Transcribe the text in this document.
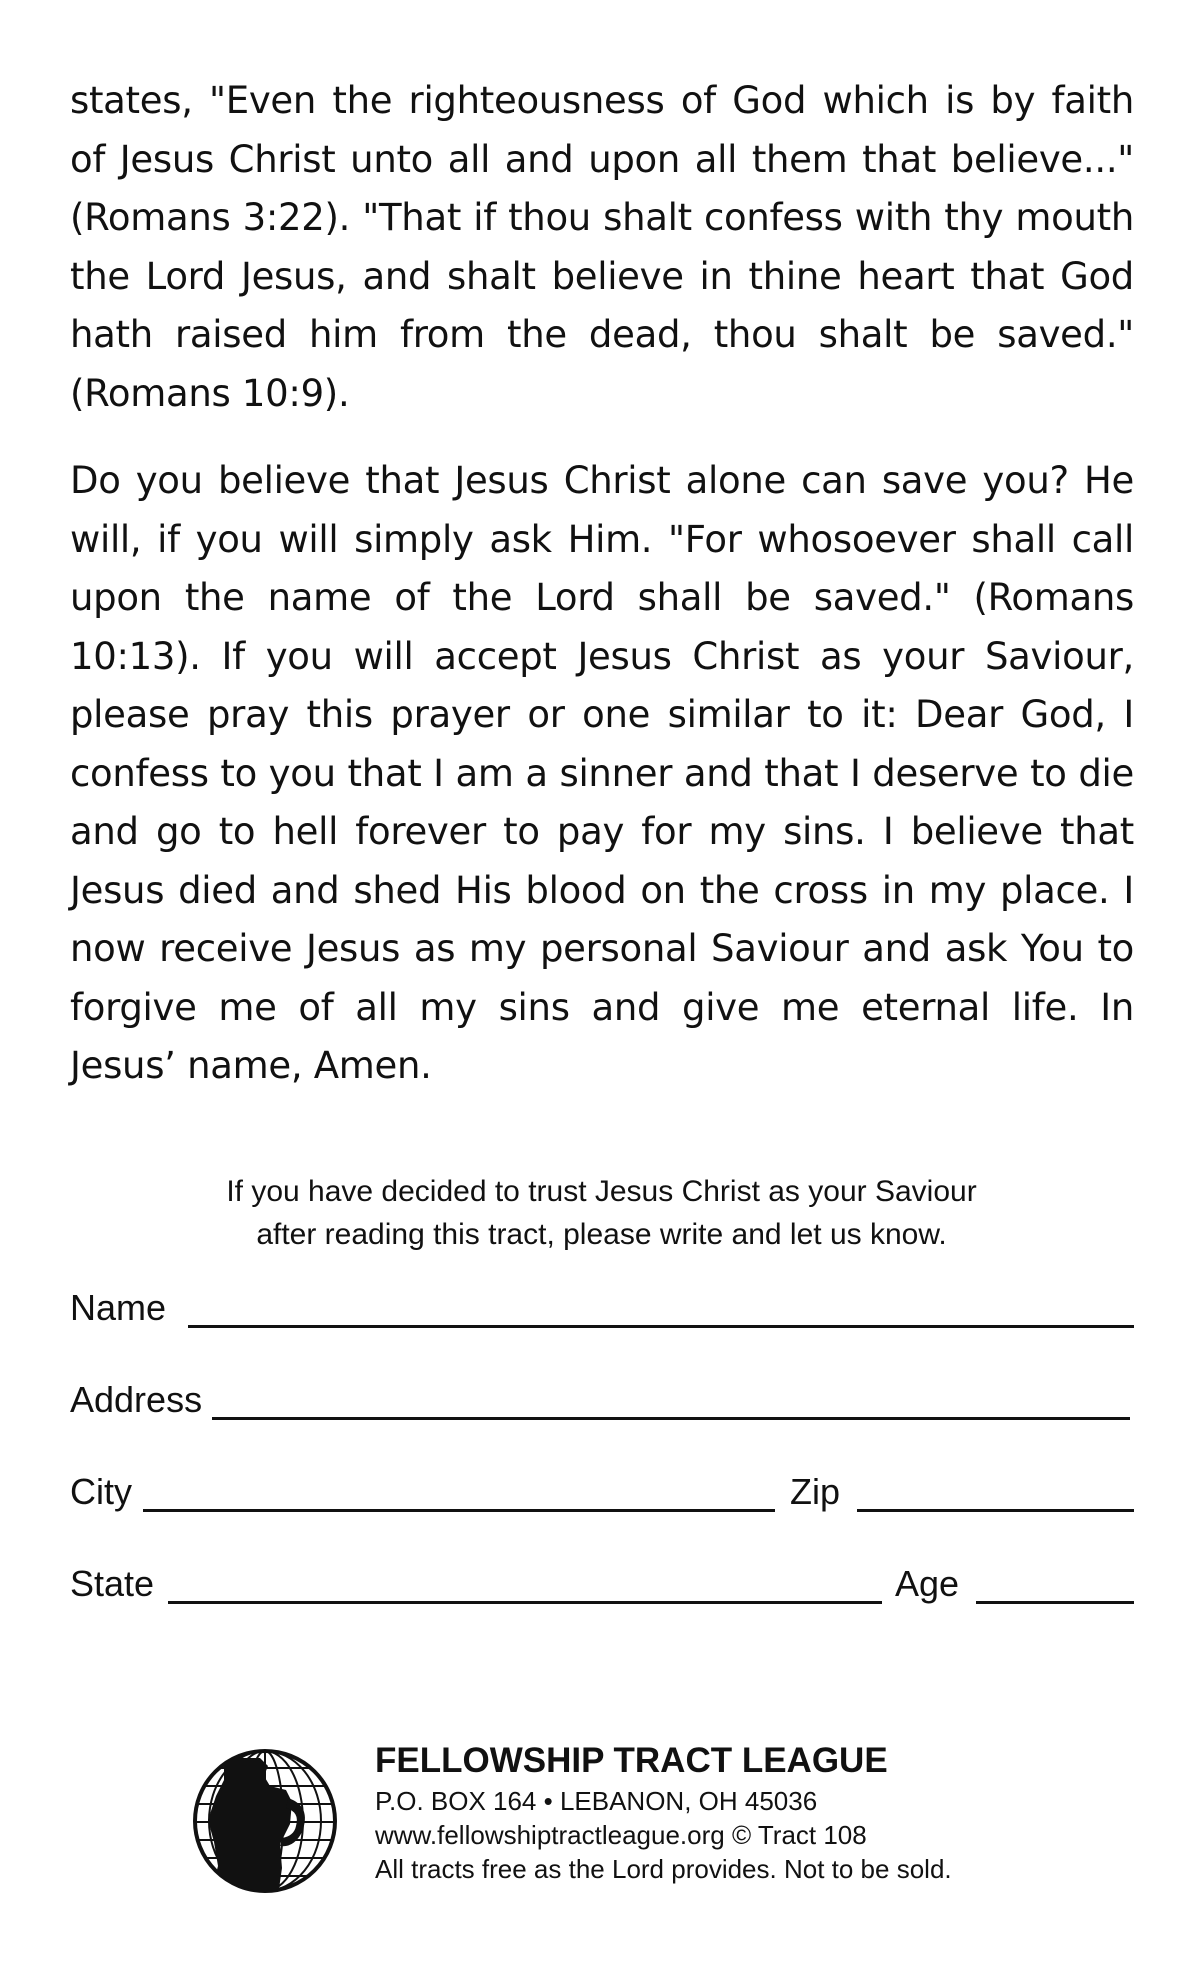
states, "Even the righteousness of God which is by faith of Jesus Christ unto all and upon all them that believe..." (Romans 3:22). "That if thou shalt confess with thy mouth the Lord Jesus, and shalt believe in thine heart that God hath raised him from the dead, thou shalt be saved." (Romans 10:9).

Do you believe that Jesus Christ alone can save you? He will, if you will simply ask Him. "For whosoever shall call upon the name of the Lord shall be saved." (Romans 10:13). If you will accept Jesus Christ as your Saviour, please pray this prayer or one similar to it: Dear God, I confess to you that I am a sinner and that I deserve to die and go to hell forever to pay for my sins. I believe that Jesus died and shed His blood on the cross in my place. I now receive Jesus as my personal Saviour and ask You to forgive me of all my sins and give me eternal life. In Jesus’ name, Amen.

If you have decided to trust Jesus Christ as your Saviour
after reading this tract, please write and let us know.
Name
Address
City	Zip
State	Age
FELLOWSHIP TRACT LEAGUE
P.O. BOX 164 • LEBANON, OH 45036
www.fellowshiptractleague.org © Tract 108
All tracts free as the Lord provides. Not to be sold.
